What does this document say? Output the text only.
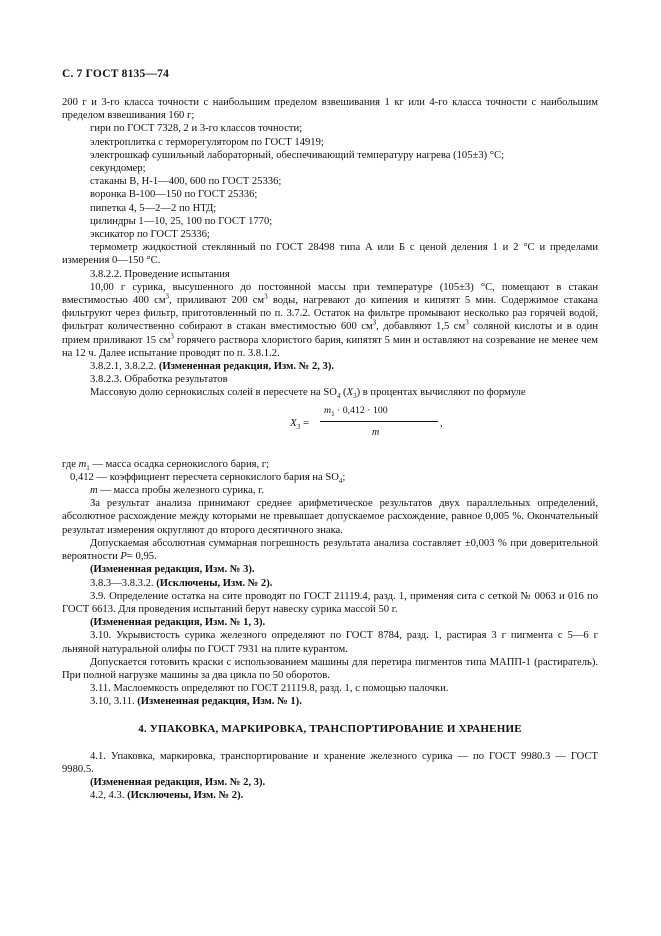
С. 7 ГОСТ 8135—74

200 г и 3-го класса точности с наибольшим пределом взвешивания 1 кг или 4-го класса точности с наибольшим пределом взвешивания 160 г;

гири по ГОСТ 7328, 2 и 3-го классов точности;

электроплитка с терморегулятором по ГОСТ 14919;

электрошкаф сушильный лабораторный, обеспечивающий температуру нагрева (105±3) °С;

секундомер;

стаканы В, Н-1—400, 600 по ГОСТ 25336;

воронка В-100—150 по ГОСТ 25336;

пипетка 4, 5—2—2 по НТД;

цилиндры 1—10, 25, 100 по ГОСТ 1770;

эксикатор по ГОСТ 25336;

термометр жидкостной стеклянный по ГОСТ 28498 типа А или Б с ценой деления 1 и 2 °С и пределами измерения 0—150 °С.

3.8.2.2. Проведение испытания

10,00 г сурика, высушенного до постоянной массы при температуре (105±3) °С, помещают в стакан вместимостью 400 $см^3$, приливают 200 $см^3$ воды, нагревают до кипения и кипятят 5 мин. Содержимое стакана фильтруют через фильтр, приготовленный по п. 3.7.2. Остаток на фильтре промывают несколько раз горячей водой, фильтрат количественно собирают в стакан вместимостью 600 $см^3$, добавляют 1,5 $см^3$ соляной кислоты и в один прием приливают 15 $см^3$ горячего раствора хлористого бария, кипятят 5 мин и оставляют на созревание не менее чем на 12 ч. Далее испытание проводят по п. 3.8.1.2.

3.8.2.1, 3.8.2.2. (Измененная редакция, Изм. № 2, 3).

3.8.2.3. Обработка результатов

Массовую долю сернокислых солей в пересчете на $SO_4$ $(X_3)$ в процентах вычисляют по формуле

$X_3$ =
$m_1 \cdot 0,412 \cdot 100$
m
,

где $m_1$ — масса осадка сернокислого бария, г;

0,412 — коэффициент пересчета сернокислого бария на $SO_4$;

m — масса пробы железного сурика, г.

За результат анализа принимают среднее арифметическое результатов двух параллельных определений, абсолютное расхождение между которыми не превышает допускаемое расхождение, равное 0,005 %. Окончательный результат измерения округляют до второго десятичного знака.

Допускаемая абсолютная суммарная погрешность результата анализа составляет ±0,003 % при доверительной вероятности P= 0,95.

(Измененная редакция, Изм. № 3).

3.8.3—3.8.3.2. (Исключены, Изм. № 2).

3.9. Определение остатка на сите проводят по ГОСТ 21119.4, разд. 1, применяя сита с сеткой № 0063 и 016 по ГОСТ 6613. Для проведения испытаний берут навеску сурика массой 50 г.

(Измененная редакция, Изм. № 1, 3).

3.10. Укрывистость сурика железного определяют по ГОСТ 8784, разд. 1, растирая 3 г пигмента с 5—6 г льняной натуральной олифы по ГОСТ 7931 на плите курантом.

Допускается готовить краски с использованием машины для перетира пигментов типа МАПП-1 (растиратель). При полной нагрузке машины за два цикла по 50 оборотов.

3.11. Маслоемкость определяют по ГОСТ 21119.8, разд. 1, с помощью палочки.

3.10, 3.11. (Измененная редакция, Изм. № 1).

4. УПАКОВКА, МАРКИРОВКА, ТРАНСПОРТИРОВАНИЕ И ХРАНЕНИЕ

4.1. Упаковка, маркировка, транспортирование и хранение железного сурика — по ГОСТ 9980.3 — ГОСТ 9980.5.

(Измененная редакция, Изм. № 2, 3).

4.2, 4.3. (Исключены, Изм. № 2).
